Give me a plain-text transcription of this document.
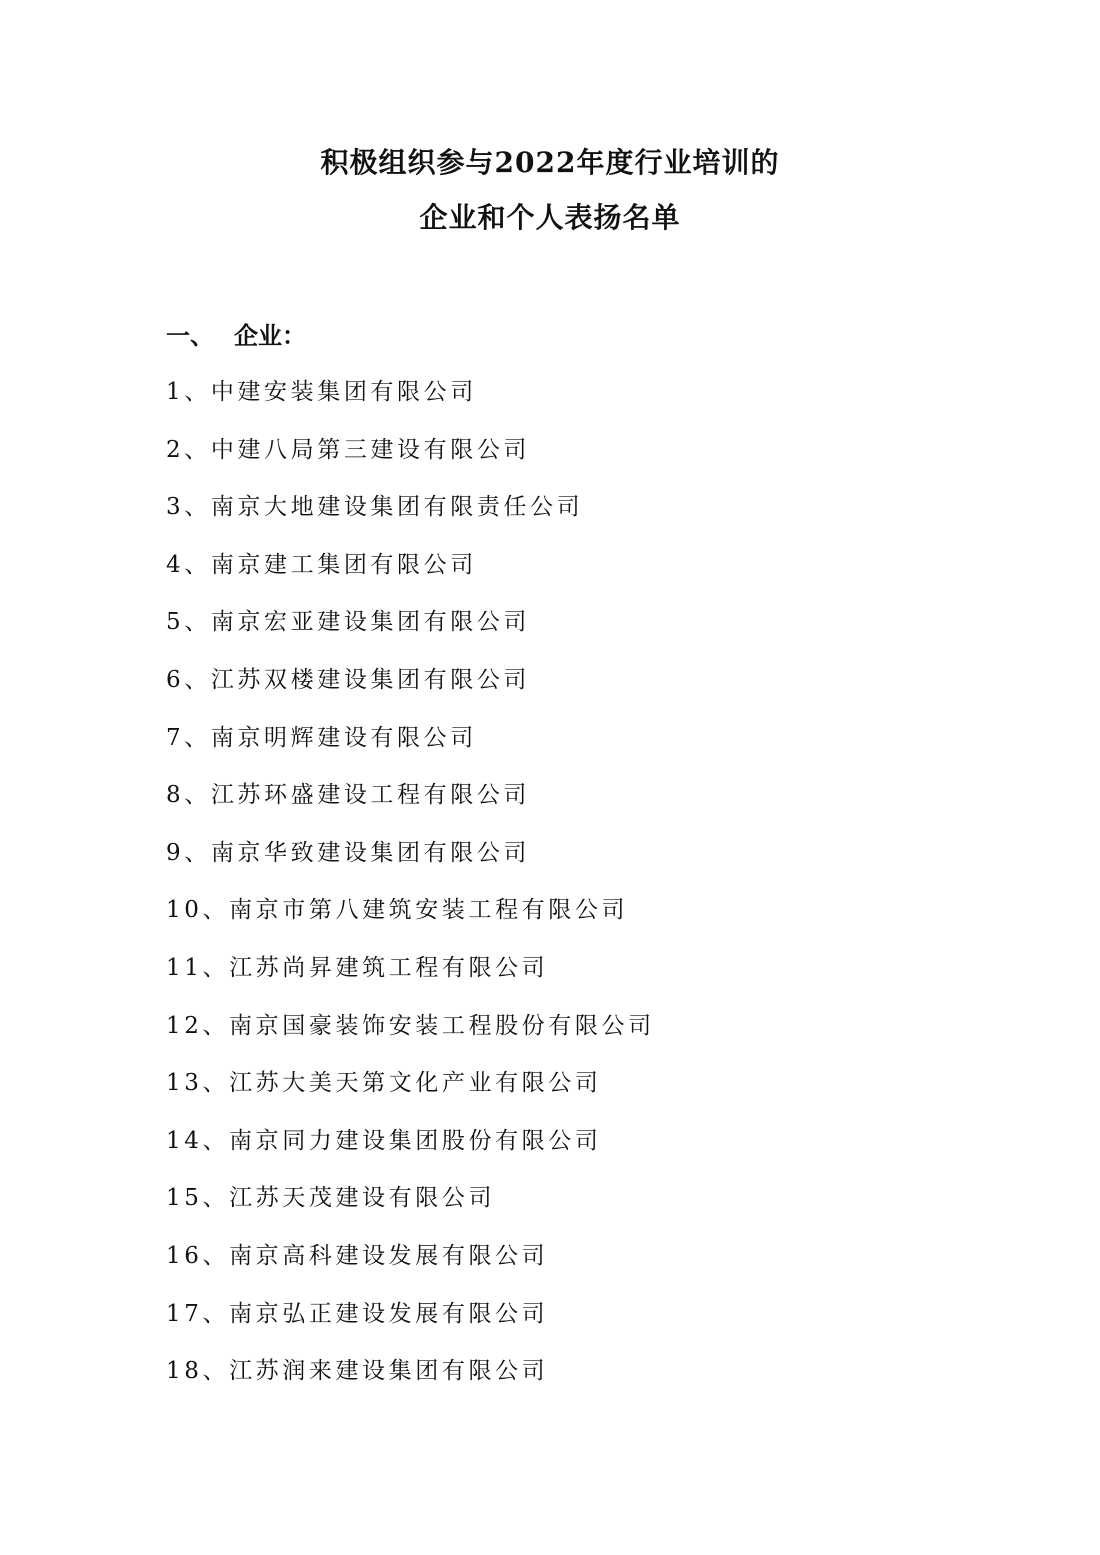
积极组织参与2022年度行业培训的
企业和个人表扬名单
一、 企业：
1、中建安装集团有限公司
2、中建八局第三建设有限公司
3、南京大地建设集团有限责任公司
4、南京建工集团有限公司
5、南京宏亚建设集团有限公司
6、江苏双楼建设集团有限公司
7、南京明辉建设有限公司
8、江苏环盛建设工程有限公司
9、南京华致建设集团有限公司
10、南京市第八建筑安装工程有限公司
11、江苏尚昇建筑工程有限公司
12、南京国豪装饰安装工程股份有限公司
13、江苏大美天第文化产业有限公司
14、南京同力建设集团股份有限公司
15、江苏天茂建设有限公司
16、南京高科建设发展有限公司
17、南京弘正建设发展有限公司
18、江苏润来建设集团有限公司
